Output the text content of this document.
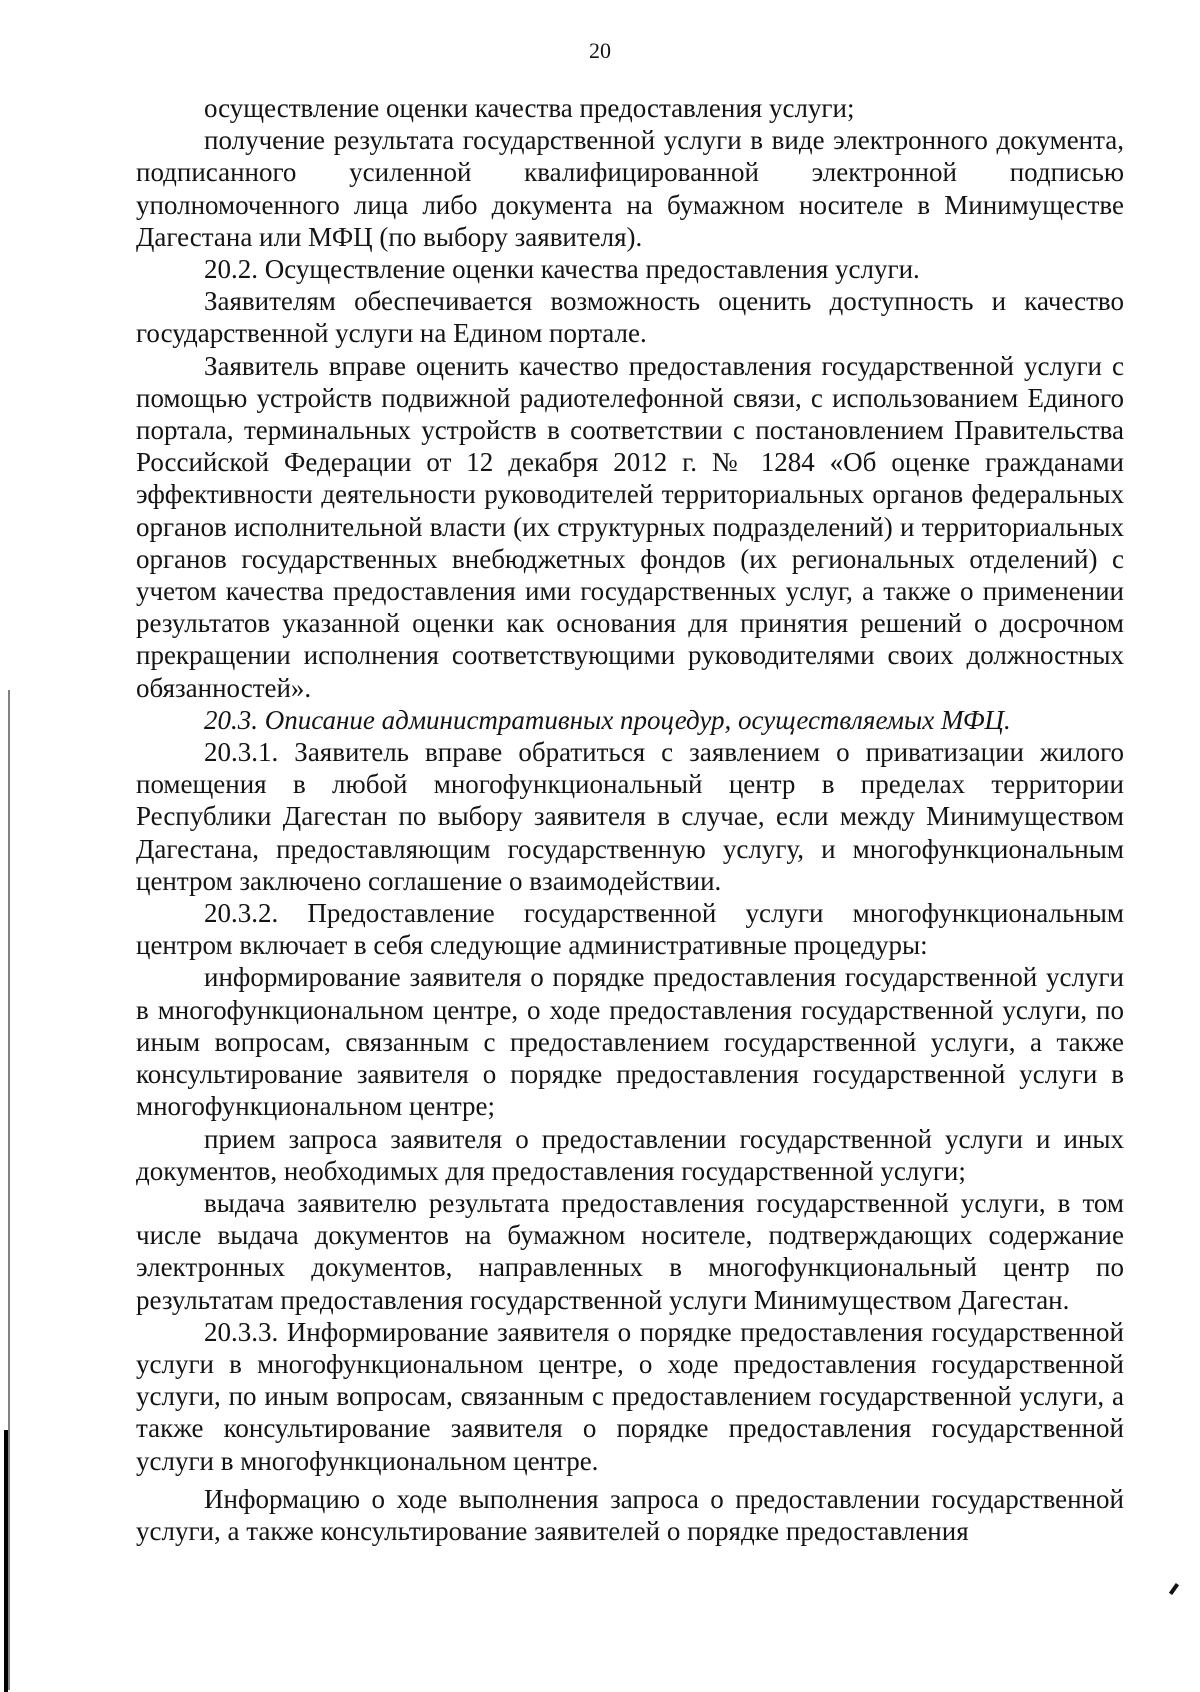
20

осуществление оценки качества предоставления услуги;

получение результата государственной услуги в виде электронного документа, подписанного усиленной квалифицированной электронной подписью уполномоченного лица либо документа на бумажном носителе в Минимуществе Дагестана или МФЦ (по выбору заявителя).

20.2. Осуществление оценки качества предоставления услуги.

Заявителям обеспечивается возможность оценить доступность и качество государственной услуги на Едином портале.

Заявитель вправе оценить качество предоставления государственной услуги с помощью устройств подвижной радиотелефонной связи, с использованием Единого портала, терминальных устройств в соответствии с постановлением Правительства Российской Федерации от 12 декабря 2012 г. № 1284 «Об оценке гражданами эффективности деятельности руководителей территориальных органов федеральных органов исполнительной власти (их структурных подразделений) и территориальных органов государственных внебюджетных фондов (их региональных отделений) с учетом качества предоставления ими государственных услуг, а также о применении результатов указанной оценки как основания для принятия решений о досрочном прекращении исполнения соответствующими руководителями своих должностных обязанностей».

20.3. Описание административных процедур, осуществляемых МФЦ.

20.3.1. Заявитель вправе обратиться с заявлением о приватизации жилого помещения в любой многофункциональный центр в пределах территории Республики Дагестан по выбору заявителя в случае, если между Минимуществом Дагестана, предоставляющим государственную услугу, и многофункциональным центром заключено соглашение о взаимодействии.

20.3.2. Предоставление государственной услуги многофункциональным центром включает в себя следующие административные процедуры:

информирование заявителя о порядке предоставления государственной услуги в многофункциональном центре, о ходе предоставления государственной услуги, по иным вопросам, связанным с предоставлением государственной услуги, а также консультирование заявителя о порядке предоставления государственной услуги в многофункциональном центре;

прием запроса заявителя о предоставлении государственной услуги и иных документов, необходимых для предоставления государственной услуги;

выдача заявителю результата предоставления государственной услуги, в том числе выдача документов на бумажном носителе, подтверждающих содержание электронных документов, направленных в многофункциональный центр по результатам предоставления государственной услуги Минимуществом Дагестан.

20.3.3. Информирование заявителя о порядке предоставления государственной услуги в многофункциональном центре, о ходе предоставления государственной услуги, по иным вопросам, связанным с предоставлением государственной услуги, а также консультирование заявителя о порядке предоставления государственной услуги в многофункциональном центре.

Информацию о ходе выполнения запроса о предоставлении государственной услуги, а также консультирование заявителей о порядке предоставления
